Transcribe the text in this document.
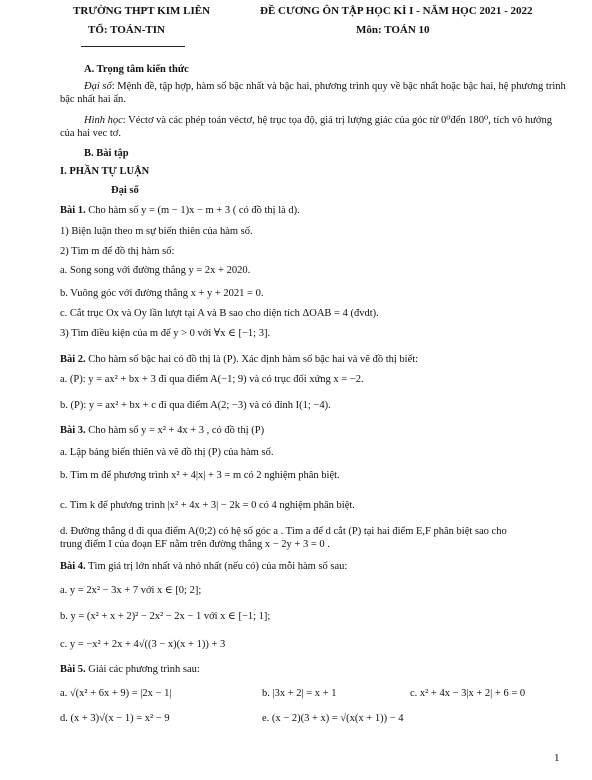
TRƯỜNG THPT KIM LIÊN	ĐỀ CƯƠNG ÔN TẬP HỌC KÌ I - NĂM HỌC 2021 - 2022
TỔ: TOÁN-TIN	Môn: TOÁN 10
A. Trọng tâm kiến thức
Đại số: Mệnh đề, tập hợp, hàm số bậc nhất và bậc hai, phương trình quy về bậc nhất hoặc bậc hai, hệ phương trình bậc nhất hai ẩn.
Hình học: Véctơ và các phép toán véctơ, hệ trục tọa độ, giá trị lượng giác của góc từ 0⁰đến 180⁰, tích vô hướng của hai vec tơ.
B. Bài tập
I. PHẦN TỰ LUẬN
Đại số
Bài 1. Cho hàm số y = (m − 1)x − m + 3 ( có đồ thị là d).
1) Biện luận theo m sự biến thiên của hàm số.
2) Tìm m để đồ thị hàm số:
a. Song song với đường thẳng y = 2x + 2020.
b. Vuông góc với đường thẳng x + y + 2021 = 0.
c. Cắt trục Ox và Oy lần lượt tại A và B sao cho diện tích ΔOAB = 4 (đvdt).
3) Tìm điều kiện của m để y > 0 với ∀x ∈ [−1; 3].
Bài 2. Cho hàm số bậc hai có đồ thị là (P). Xác định hàm số bậc hai và vẽ đồ thị biết:
a. (P): y = ax² + bx + 3 đi qua điểm A(−1; 9) và có trục đối xứng x = −2.
b. (P): y = ax² + bx + c đi qua điểm A(2; −3) và có đỉnh I(1; −4).
Bài 3. Cho hàm số y = x² + 4x + 3 , có đồ thị (P)
a. Lập bảng biến thiên và vẽ đồ thị (P) của hàm số.
b. Tìm m để phương trình x² + 4|x| + 3 = m có 2 nghiệm phân biệt.
c. Tìm k để phương trình |x² + 4x + 3| − 2k = 0 có 4 nghiệm phân biệt.
d. Đường thẳng d đi qua điểm A(0;2) có hệ số góc a . Tìm a để d cắt (P) tại hai điểm E,F phân biệt sao cho
trung điểm I của đoạn EF nằm trên đường thẳng x − 2y + 3 = 0 .
Bài 4. Tìm giá trị lớn nhất và nhỏ nhất (nếu có) của mỗi hàm số sau:
a. y = 2x² − 3x + 7 với x ∈ [0; 2];
b. y = (x² + x + 2)² − 2x² − 2x − 1 với x ∈ [−1; 1];
c. y = −x² + 2x + 4√((3 − x)(x + 1)) + 3
Bài 5. Giải các phương trình sau:
a. √(x² + 6x + 9) = |2x − 1|	b. |3x + 2| = x + 1	c. x² + 4x − 3|x + 2| + 6 = 0
d. (x + 3)√(x − 1) = x² − 9	e. (x − 2)(3 + x) = √(x(x + 1)) − 4
1
